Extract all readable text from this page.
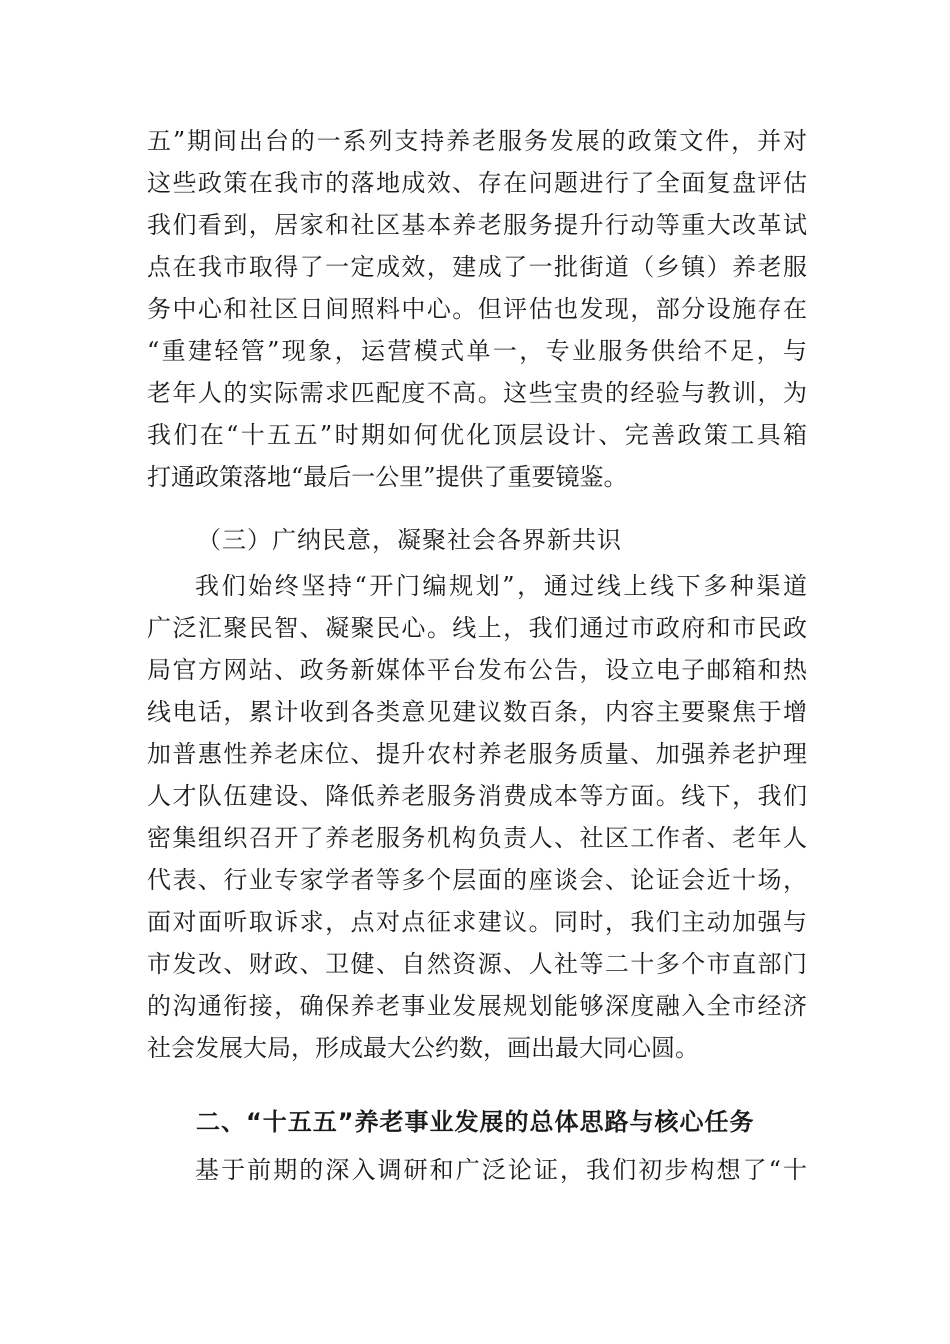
五”期间出台的一系列支持养老服务发展的政策文件，并对
这些政策在我市的落地成效、存在问题进行了全面复盘评估
我们看到，居家和社区基本养老服务提升行动等重大改革试
点在我市取得了一定成效，建成了一批街道（乡镇）养老服
务中心和社区日间照料中心。但评估也发现，部分设施存在
“重建轻管”现象，运营模式单一，专业服务供给不足，与
老年人的实际需求匹配度不高。这些宝贵的经验与教训，为
我们在“十五五”时期如何优化顶层设计、完善政策工具箱
打通政策落地“最后一公里”提供了重要镜鉴。
（三）广纳民意，凝聚社会各界新共识
我们始终坚持“开门编规划”，通过线上线下多种渠道
广泛汇聚民智、凝聚民心。线上，我们通过市政府和市民政
局官方网站、政务新媒体平台发布公告，设立电子邮箱和热
线电话，累计收到各类意见建议数百条，内容主要聚焦于增
加普惠性养老床位、提升农村养老服务质量、加强养老护理
人才队伍建设、降低养老服务消费成本等方面。线下，我们
密集组织召开了养老服务机构负责人、社区工作者、老年人
代表、行业专家学者等多个层面的座谈会、论证会近十场，
面对面听取诉求，点对点征求建议。同时，我们主动加强与
市发改、财政、卫健、自然资源、人社等二十多个市直部门
的沟通衔接，确保养老事业发展规划能够深度融入全市经济
社会发展大局，形成最大公约数，画出最大同心圆。
二、“十五五”养老事业发展的总体思路与核心任务
基于前期的深入调研和广泛论证，我们初步构想了“十
